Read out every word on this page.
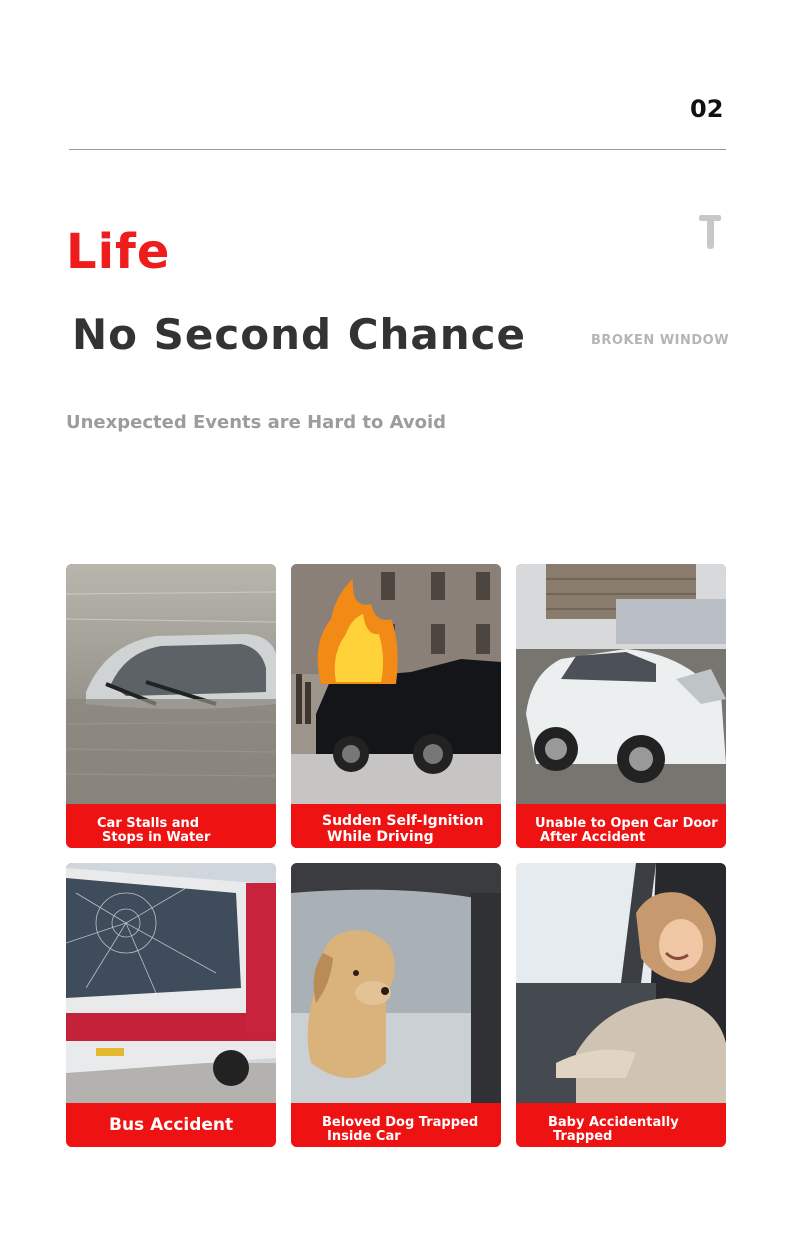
02
Life
No Second Chance	BROKEN WINDOW
Unexpected Events are Hard to Avoid
Car Stalls and
Stops in Water
Sudden Self-Ignition
While Driving
Unable to Open Car Door
After Accident
Bus Accident	Beloved Dog Trapped
Inside Car
Baby Accidentally
Trapped
